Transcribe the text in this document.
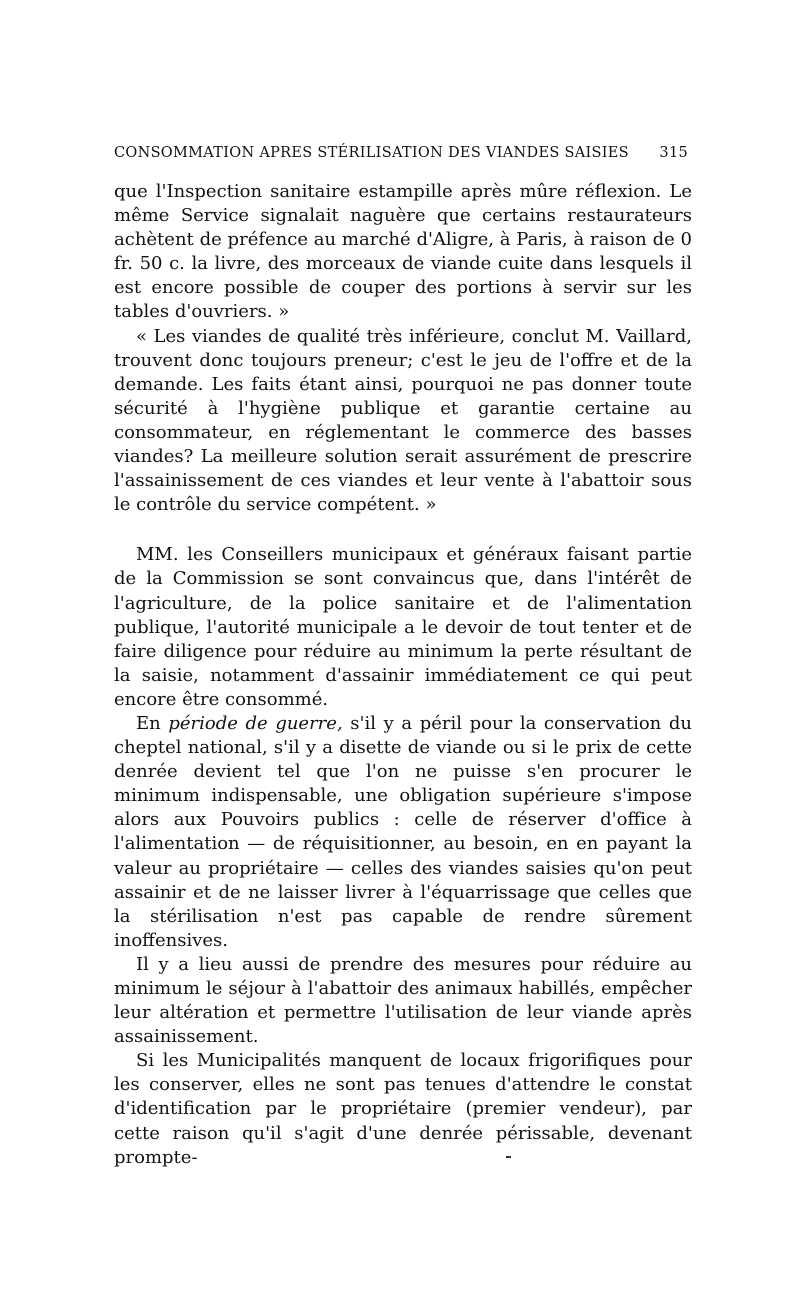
CONSOMMATION APRES STÉRILISATION DES VIANDES SAISIES 315

que l'Inspection sanitaire estampille après mûre réflexion. Le même Service signalait naguère que certains restaurateurs achètent de préfence au marché d'Aligre, à Paris, à raison de 0 fr. 50 c. la livre, des morceaux de viande cuite dans lesquels il est encore possible de couper des portions à servir sur les tables d'ouvriers. »

« Les viandes de qualité très inférieure, conclut M. Vaillard, trouvent donc toujours preneur; c'est le jeu de l'offre et de la demande. Les faits étant ainsi, pourquoi ne pas donner toute sécurité à l'hygiène publique et garantie certaine au consommateur, en réglementant le commerce des basses viandes? La meilleure solution serait assurément de prescrire l'assainissement de ces viandes et leur vente à l'abattoir sous le contrôle du service compétent. »

MM. les Conseillers municipaux et généraux faisant partie de la Commission se sont convaincus que, dans l'intérêt de l'agriculture, de la police sanitaire et de l'alimentation publique, l'autorité municipale a le devoir de tout tenter et de faire diligence pour réduire au minimum la perte résultant de la saisie, notamment d'assainir immédiatement ce qui peut encore être consommé.

En période de guerre, s'il y a péril pour la conservation du cheptel national, s'il y a disette de viande ou si le prix de cette denrée devient tel que l'on ne puisse s'en procurer le minimum indispensable, une obligation supérieure s'impose alors aux Pouvoirs publics : celle de réserver d'office à l'alimentation — de réquisitionner, au besoin, en en payant la valeur au propriétaire — celles des viandes saisies qu'on peut assainir et de ne laisser livrer à l'équarrissage que celles que la stérilisation n'est pas capable de rendre sûrement inoffensives.

Il y a lieu aussi de prendre des mesures pour réduire au minimum le séjour à l'abattoir des animaux habillés, empêcher leur altération et permettre l'utilisation de leur viande après assainissement.

Si les Municipalités manquent de locaux frigorifiques pour les conserver, elles ne sont pas tenues d'attendre le constat d'identification par le propriétaire (premier vendeur), par cette raison qu'il s'agit d'une denrée périssable, devenant prompte-
